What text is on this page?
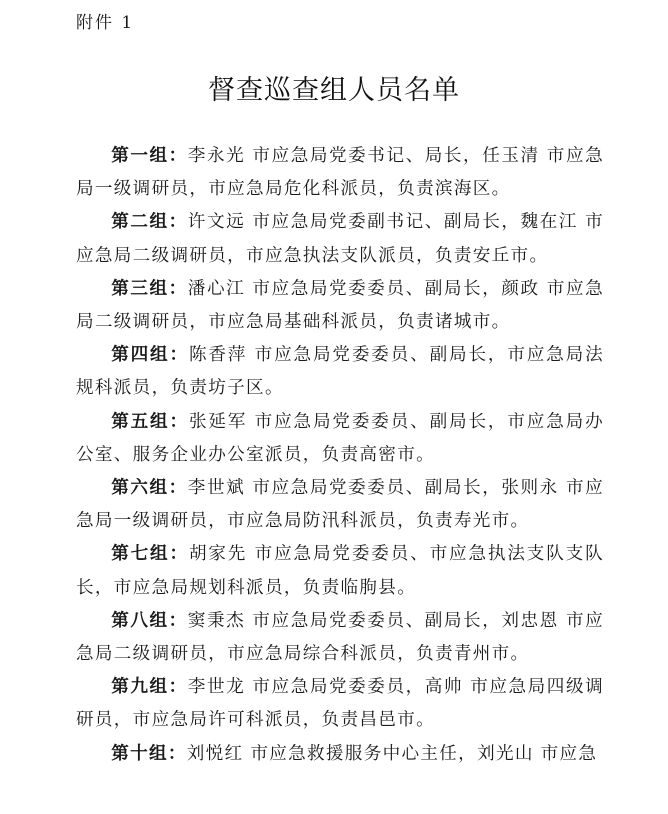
附件 1
督查巡查组人员名单

第一组：李永光 市应急局党委书记、局长，任玉清 市应急局一级调研员，市应急局危化科派员，负责滨海区。

第二组：许文远 市应急局党委副书记、副局长，魏在江 市应急局二级调研员，市应急执法支队派员，负责安丘市。

第三组：潘心江 市应急局党委委员、副局长，颜政 市应急局二级调研员，市应急局基础科派员，负责诸城市。

第四组：陈香萍 市应急局党委委员、副局长，市应急局法规科派员，负责坊子区。

第五组：张延军 市应急局党委委员、副局长，市应急局办公室、服务企业办公室派员，负责高密市。

第六组：李世斌 市应急局党委委员、副局长，张则永 市应急局一级调研员，市应急局防汛科派员，负责寿光市。

第七组：胡家先 市应急局党委委员、市应急执法支队支队长，市应急局规划科派员，负责临朐县。

第八组：窦秉杰 市应急局党委委员、副局长，刘忠恩 市应急局二级调研员，市应急局综合科派员，负责青州市。

第九组：李世龙 市应急局党委委员，高帅 市应急局四级调研员，市应急局许可科派员，负责昌邑市。

第十组：刘悦红 市应急救援服务中心主任，刘光山 市应急
